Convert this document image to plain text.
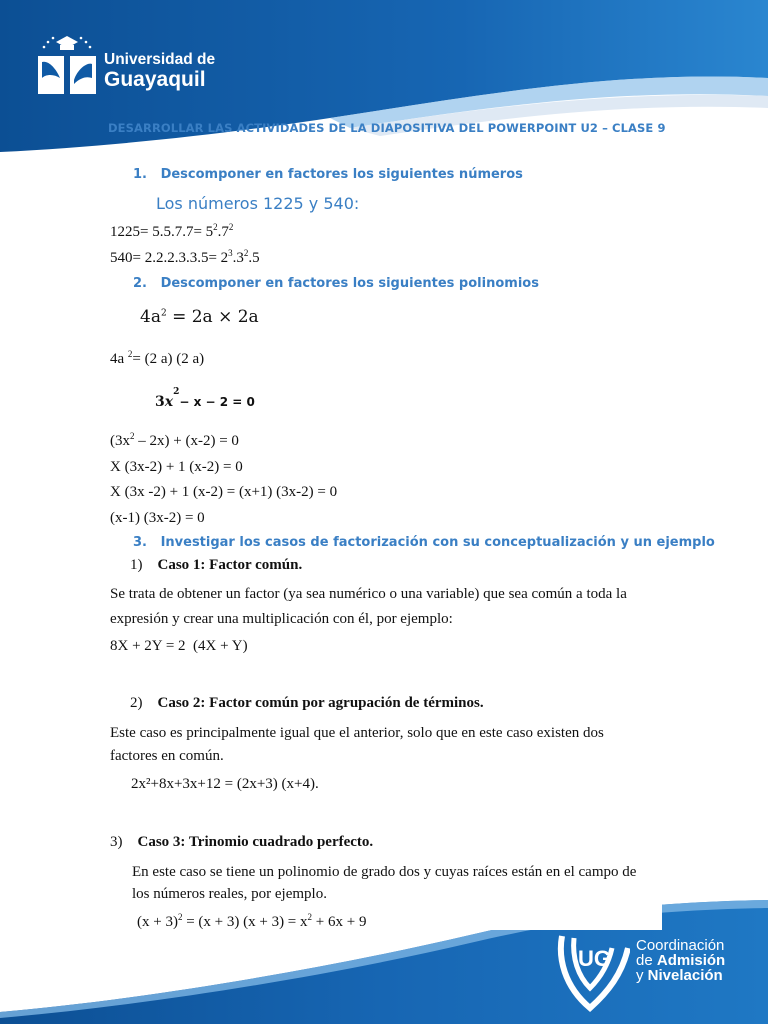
Universidad de
Guayaquil
DESARROLLAR LAS ACTIVIDADES DE LA DIAPOSITIVA DEL POWERPOINT U2 – CLASE 9
1. Descomponer en factores los siguientes números
Los números 1225 y 540:
$1225= 5.5.7.7= 5^2.7^2$
$540= 2.2.2.3.3.5= 2^3.3^2.5$
2. Descomponer en factores los siguientes polinomios
$4a^2 = 2a \times 2a$
4a $^2$= (2 a) (2 a)
$3x^2- x - 2 = 0$
$(3x^2 - 2x) + (x-2) = 0$
X (3x-2) + 1 (x-2) = 0
X (3x -2) + 1 (x-2) = (x+1) (3x-2) = 0
(x-1) (3x-2) = 0
3. Investigar los casos de factorización con su conceptualización y un ejemplo
1) Caso 1: Factor común.
Se trata de obtener un factor (ya sea numérico o una variable) que sea común a toda la
expresión y crear una multiplicación con él, por ejemplo:
8X + 2Y = 2  (4X + Y)
2) Caso 2: Factor común por agrupación de términos.
Este caso es principalmente igual que el anterior, solo que en este caso existen dos
factores en común.
2x²+8x+3x+12 = (2x+3) (x+4).
3) Caso 3: Trinomio cuadrado perfecto.
En este caso se tiene un polinomio de grado dos y cuyas raíces están en el campo de
los números reales, por ejemplo.
$(x + 3)^2 = (x + 3)$ $(x + 3) = x^2 + 6x + 9$
UG
Coordinación
de Admisión
y Nivelación
